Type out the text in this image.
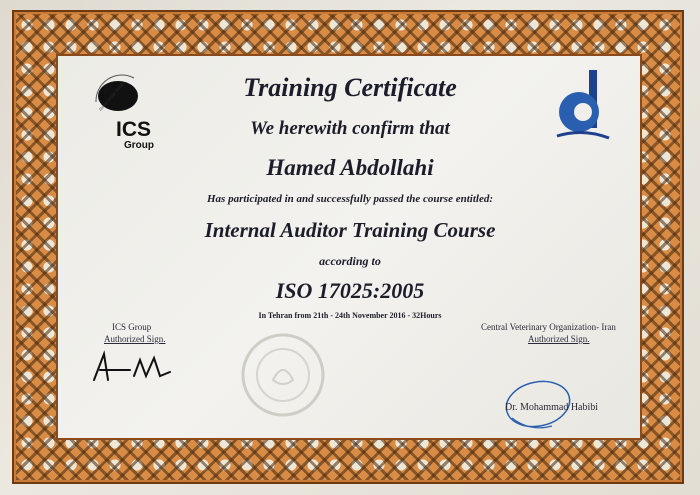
Group Group Group
ICS
Group
Training Certificate
We herewith confirm that
Hamed Abdollahi
Has participated in and successfully passed the course entitled:
Internal Auditor Training Course
according to
ISO 17025:2005
In Tehran from 21th - 24th November 2016 - 32Hours
ICS Group
Authorized Sign.
Central Veterinary Organization- Iran
Authorized Sign.
Dr. Mohammad Habibi
